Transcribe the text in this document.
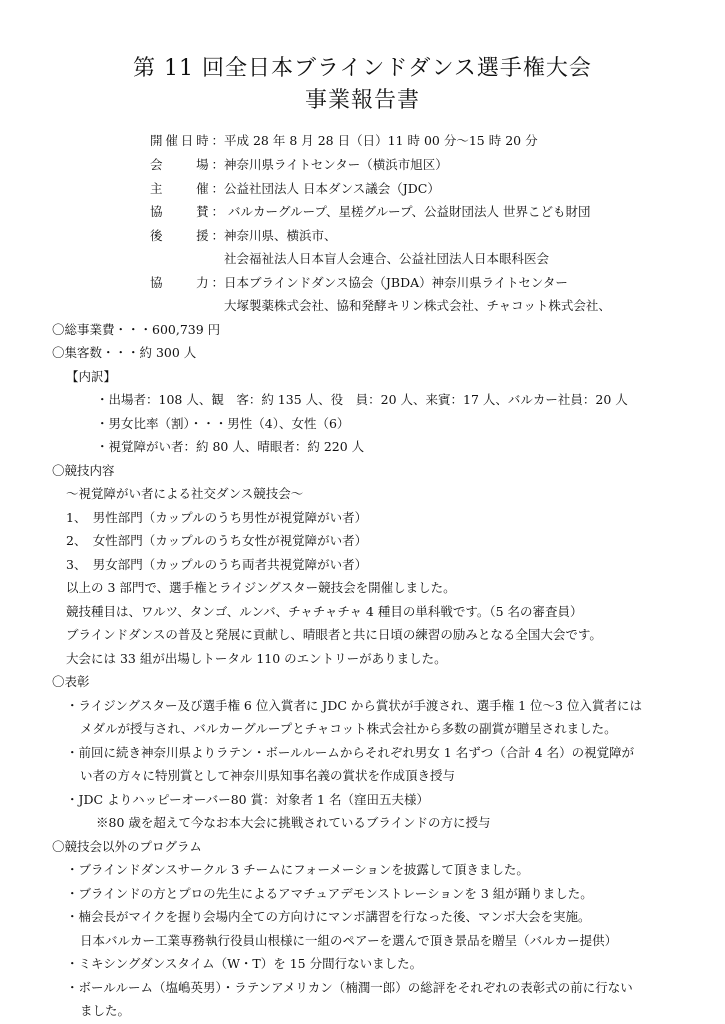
第 11 回全日本ブラインドダンス選手権大会
事業報告書
開催日時：平成 28 年 8 月 28 日（日）11 時 00 分～15 時 20 分
会　　場：神奈川県ライトセンター（横浜市旭区）
主　　催：公益社団法人 日本ダンス議会（JDC）
協　　賛： バルカーグループ、星槎グループ、公益財団法人 世界こども財団
後　　援：神奈川県、横浜市、
社会福祉法人日本盲人会連合、公益社団法人日本眼科医会
協　　力：日本ブラインドダンス協会（JBDA）神奈川県ライトセンター
大塚製薬株式会社、協和発酵キリン株式会社、チャコット株式会社、
〇総事業費・・・600,739 円
〇集客数・・・約 300 人
【内訳】
・出場者：108 人、観　客：約 135 人、役　員：20 人、来賓：17 人、バルカー社員：20 人
・男女比率（割）・・・男性（4）、女性（6）
・視覚障がい者：約 80 人、晴眼者：約 220 人
〇競技内容
～視覚障がい者による社交ダンス競技会～
1、　男性部門（カップルのうち男性が視覚障がい者）
2、　女性部門（カップルのうち女性が視覚障がい者）
3、　男女部門（カップルのうち両者共視覚障がい者）
以上の 3 部門で、選手権とライジングスター競技会を開催しました。
競技種目は、ワルツ、タンゴ、ルンバ、チャチャチャ 4 種目の単科戦です。（5 名の審査員）
ブラインドダンスの普及と発展に貢献し、晴眼者と共に日頃の練習の励みとなる全国大会です。
大会には 33 組が出場しトータル 110 のエントリーがありました。
〇表彰
・ライジングスター及び選手権 6 位入賞者に JDC から賞状が手渡され、選手権 1 位～3 位入賞者には
メダルが授与され、バルカーグループとチャコット株式会社から多数の副賞が贈呈されました。
・前回に続き神奈川県よりラテン・ボールルームからそれぞれ男女 1 名ずつ（合計 4 名）の視覚障が
い者の方々に特別賞として神奈川県知事名義の賞状を作成頂き授与
・JDC よりハッピーオーバー80 賞：対象者 1 名（窪田五夫様）
※80 歳を超えて今なお本大会に挑戦されているブラインドの方に授与
〇競技会以外のプログラム
・ブラインドダンスサークル 3 チームにフォーメーションを披露して頂きました。
・ブラインドの方とプロの先生によるアマチュアデモンストレーションを 3 組が踊りました。
・楠会長がマイクを握り会場内全ての方向けにマンボ講習を行なった後、マンボ大会を実施。
日本バルカー工業専務執行役員山根様に一組のペアーを選んで頂き景品を贈呈（バルカー提供）
・ミキシングダンスタイム（W・T）を 15 分間行ないました。
・ボールルーム（塩嶋英男）・ラテンアメリカン（楠潤一郎）の総評をそれぞれの表彰式の前に行ない
ました。
